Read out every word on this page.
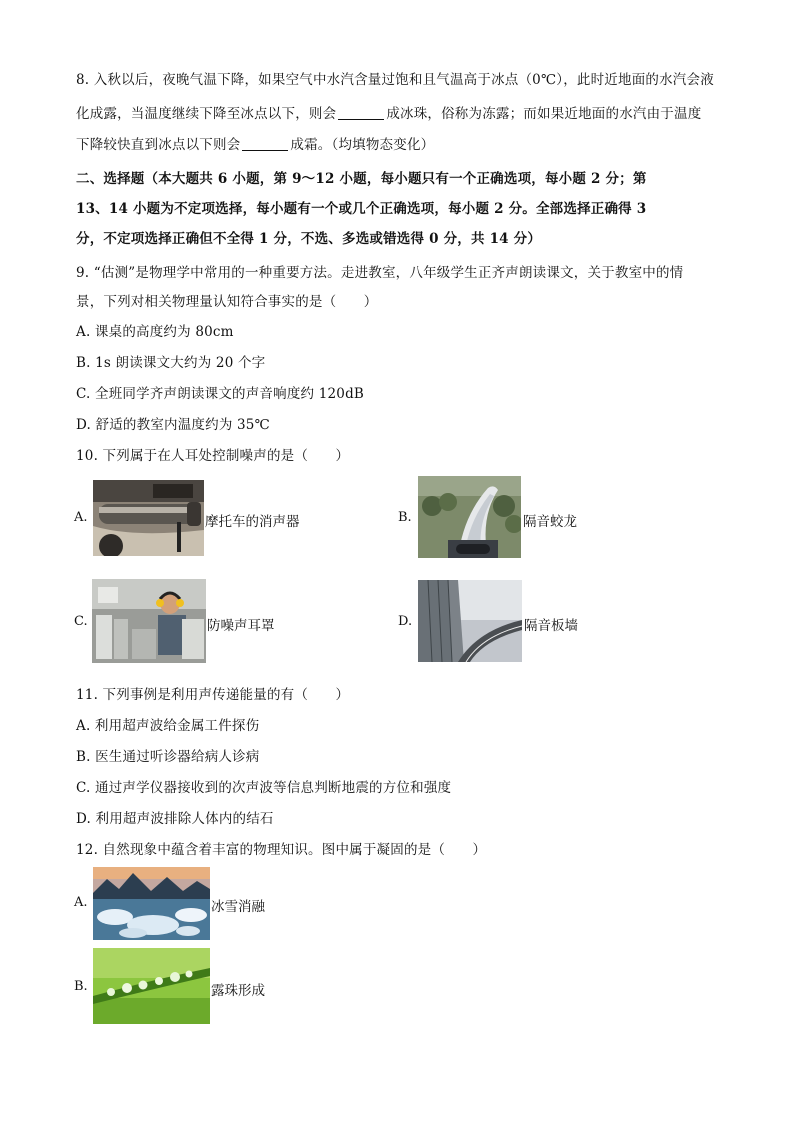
8. 入秋以后，夜晚气温下降，如果空气中水汽含量过饱和且气温高于冰点（0℃），此时近地面的水汽会液
化成露，当温度继续下降至冰点以下，则会	成冰珠，俗称为冻露；而如果近地面的水汽由于温度
下降较快直到冰点以下则会	成霜。（均填物态变化）
二、选择题（本大题共 6 小题，第 9～12 小题，每小题只有一个正确选项，每小题 2 分；第
13、14 小题为不定项选择，每小题有一个或几个正确选项，每小题 2 分。全部选择正确得 3
分，不定项选择正确但不全得 1 分，不选、多选或错选得 0 分，共 14 分）
9. “估测”是物理学中常用的一种重要方法。走进教室，八年级学生正齐声朗读课文，关于教室中的情
景，下列对相关物理量认知符合事实的是（　　）
A. 课桌的高度约为 80cm
B. 1s 朗读课文大约为 20 个字
C. 全班同学齐声朗读课文的声音响度约 120dB
D. 舒适的教室内温度约为 35℃
10. 下列属于在人耳处控制噪声的是（　　）
A.	摩托车的消声器	B.	隔音蛟龙
C.	防噪声耳罩	D.	隔音板墙
11. 下列事例是利用声传递能量的有（　　）
A. 利用超声波给金属工件探伤
B. 医生通过听诊器给病人诊病
C. 通过声学仪器接收到的次声波等信息判断地震的方位和强度
D. 利用超声波排除人体内的结石
12. 自然现象中蕴含着丰富的物理知识。图中属于凝固的是（　　）
A.	冰雪消融
B.	露珠形成
